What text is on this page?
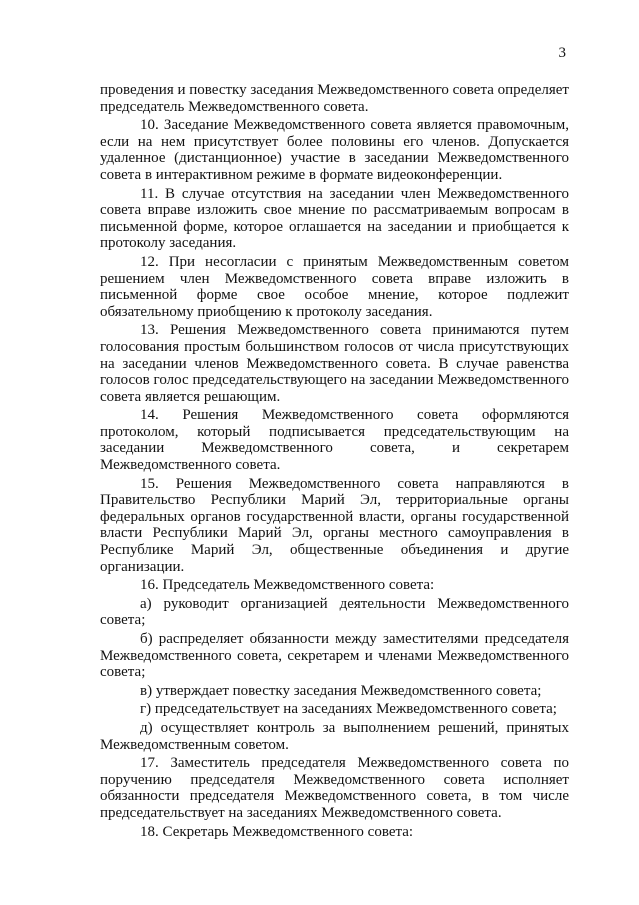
3

проведения и повестку заседания Межведомственного совета определяет председатель Межведомственного совета.

10. Заседание Межведомственного совета является правомочным, если на нем присутствует более половины его членов. Допускается удаленное (дистанционное) участие в заседании Межведомственного совета в интерактивном режиме в формате видеоконференции.

11. В случае отсутствия на заседании член Межведомственного совета вправе изложить свое мнение по рассматриваемым вопросам в письменной форме, которое оглашается на заседании и приобщается к протоколу заседания.

12. При несогласии с принятым Межведомственным советом решением член Межведомственного совета вправе изложить в письменной форме свое особое мнение, которое подлежит обязательному приобщению к протоколу заседания.

13. Решения Межведомственного совета принимаются путем голосования простым большинством голосов от числа присутствующих на заседании членов Межведомственного совета. В случае равенства голосов голос председательствующего на заседании Межведомственного совета является решающим.

14. Решения Межведомственного совета оформляются протоколом, который подписывается председательствующим на заседании Межведомственного совета, и секретарем Межведомственного совета.

15. Решения Межведомственного совета направляются в Правительство Республики Марий Эл, территориальные органы федеральных органов государственной власти, органы государственной власти Республики Марий Эл, органы местного самоуправления в Республике Марий Эл, общественные объединения и другие организации.

16. Председатель Межведомственного совета:

а) руководит организацией деятельности Межведомственного совета;

б) распределяет обязанности между заместителями председателя Межведомственного совета, секретарем и членами Межведомственного совета;

в) утверждает повестку заседания Межведомственного совета;

г) председательствует на заседаниях Межведомственного совета;

д) осуществляет контроль за выполнением решений, принятых Межведомственным советом.

17. Заместитель председателя Межведомственного совета по поручению председателя Межведомственного совета исполняет обязанности председателя Межведомственного совета, в том числе председательствует на заседаниях Межведомственного совета.

18. Секретарь Межведомственного совета:
